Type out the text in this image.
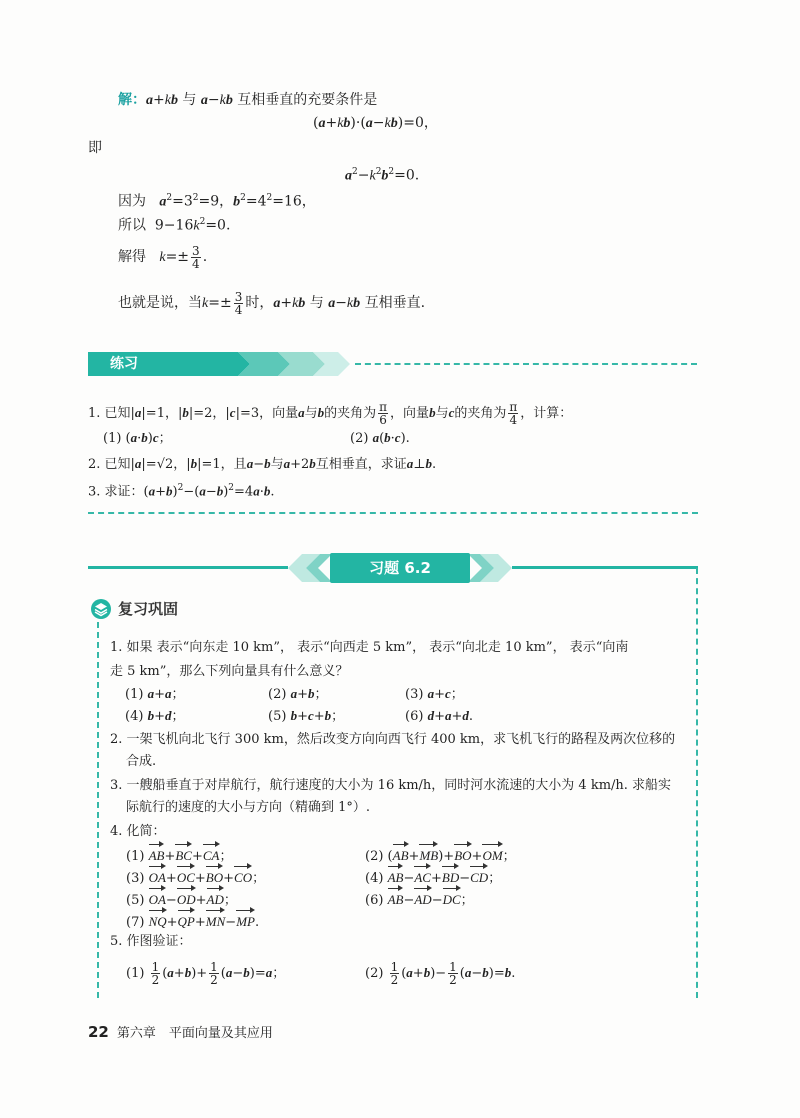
解：a+kb 与 a−kb 互相垂直的充要条件是
(a+kb)·(a−kb)=0，
即
$a^2-k^2b^2=0$.
因为 $a^2=3^2=9$，$b^2=4^2=16$，
所以  $9-16k^2=0$.
解得 $k=\pm \frac{3}{4}$ .
也就是说，当$k=\pm \frac{3}{4}$ 时，a+kb 与 a−kb 互相垂直.
练习
1. 已知|a|=1，|b|=2，|c|=3，向量a与b的夹角为 $\frac{\pi}{6}$ ，向量b与c的夹角为 $\frac{\pi}{4}$ ，计算：
(1) (a·b)c；	(2) a(b·c).
2. 已知|a|=√2，|b|=1，且a−b与a+2b互相垂直，求证a⊥b.
3. 求证：$(a+b)^2-(a-b)^2=4a\cdot b$.
习题 6.2
复习巩固
1. 如果 表示“向东走 10 km”， 表示“向西走 5 km”， 表示“向北走 10 km”， 表示“向南
走 5 km”，那么下列向量具有什么意义？
(1) a+a；	(2) a+b；	(3) a+c；
(4) b+d；	(5) b+c+b；	(6) d+a+d.
2. 一架飞机向北飞行 300 km，然后改变方向向西飞行 400 km，求飞机飞行的路程及两次位移的
合成.
3. 一艘船垂直于对岸航行，航行速度的大小为 16 km/h，同时河水流速的大小为 4 km/h. 求船实
际航行的速度的大小与方向（精确到 1°）.
4. 化简：
(1) AB+BC+CA；	(2) (AB+MB)+BO+OM；
(3) OA+OC+BO+CO；	(4) AB−AC+BD−CD；
(5) OA−OD+AD；	(6) AB−AD−DC；
(7) NQ+QP+MN−MP.
5. 作图验证：
$(1) \frac{1}{2} (a+b)+ \frac{1}{2} (a-b)=a$；	$(2) \frac{1}{2} (a+b)- \frac{1}{2} (a-b)=b$.
22 第六章　平面向量及其应用
